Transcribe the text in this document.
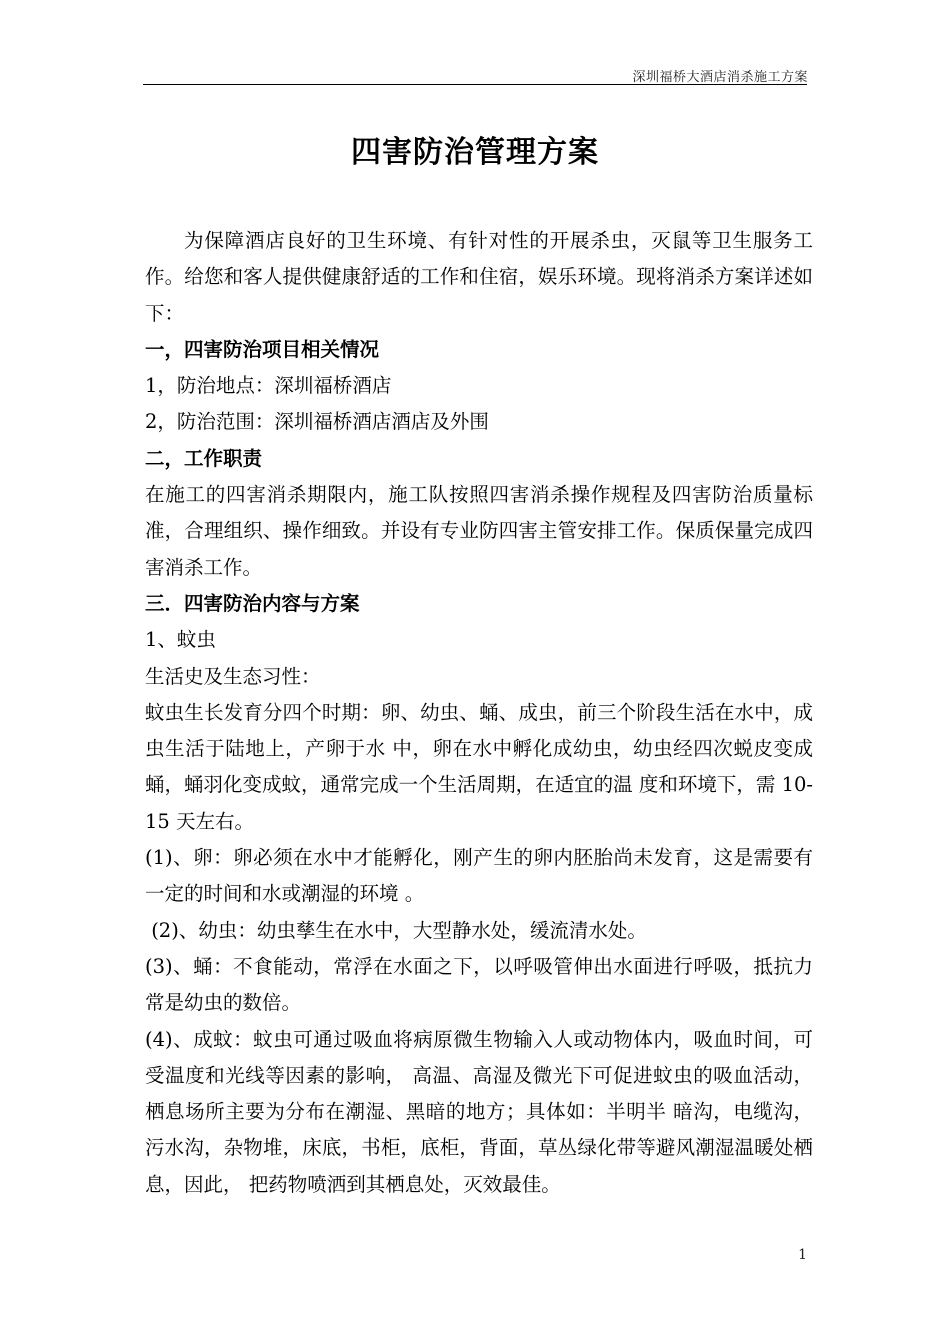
深圳福桥大酒店消杀施工方案
四害防治管理方案

为保障酒店良好的卫生环境、有针对性的开展杀虫，灭鼠等卫生服务工作。给您和客人提供健康舒适的工作和住宿，娱乐环境。现将消杀方案详述如下：

一，四害防治项目相关情况

1，防治地点：深圳福桥酒店

2，防治范围：深圳福桥酒店酒店及外围

二，工作职责

在施工的四害消杀期限内，施工队按照四害消杀操作规程及四害防治质量标准，合理组织、操作细致。并设有专业防四害主管安排工作。保质保量完成四害消杀工作。

三．四害防治内容与方案

1、蚊虫

生活史及生态习性：

蚊虫生长发育分四个时期：卵、幼虫、蛹、成虫，前三个阶段生活在水中，成虫生活于陆地上，产卵于水 中，卵在水中孵化成幼虫，幼虫经四次蜕皮变成蛹，蛹羽化变成蚊，通常完成一个生活周期，在适宜的温 度和环境下，需 10-15 天左右。

(1)、卵：卵必须在水中才能孵化，刚产生的卵内胚胎尚未发育，这是需要有一定的时间和水或潮湿的环境 。

(2)、幼虫：幼虫孳生在水中，大型静水处，缓流清水处。

(3)、蛹：不食能动，常浮在水面之下，以呼吸管伸出水面进行呼吸，抵抗力常是幼虫的数倍。

(4)、成蚊：蚊虫可通过吸血将病原微生物输入人或动物体内，吸血时间，可受温度和光线等因素的影响， 高温、高湿及微光下可促进蚊虫的吸血活动，栖息场所主要为分布在潮湿、黑暗的地方；具体如：半明半 暗沟，电缆沟，污水沟，杂物堆，床底，书柜，底柜，背面，草丛绿化带等避风潮湿温暖处栖息，因此， 把药物喷洒到其栖息处，灭效最佳。

1
